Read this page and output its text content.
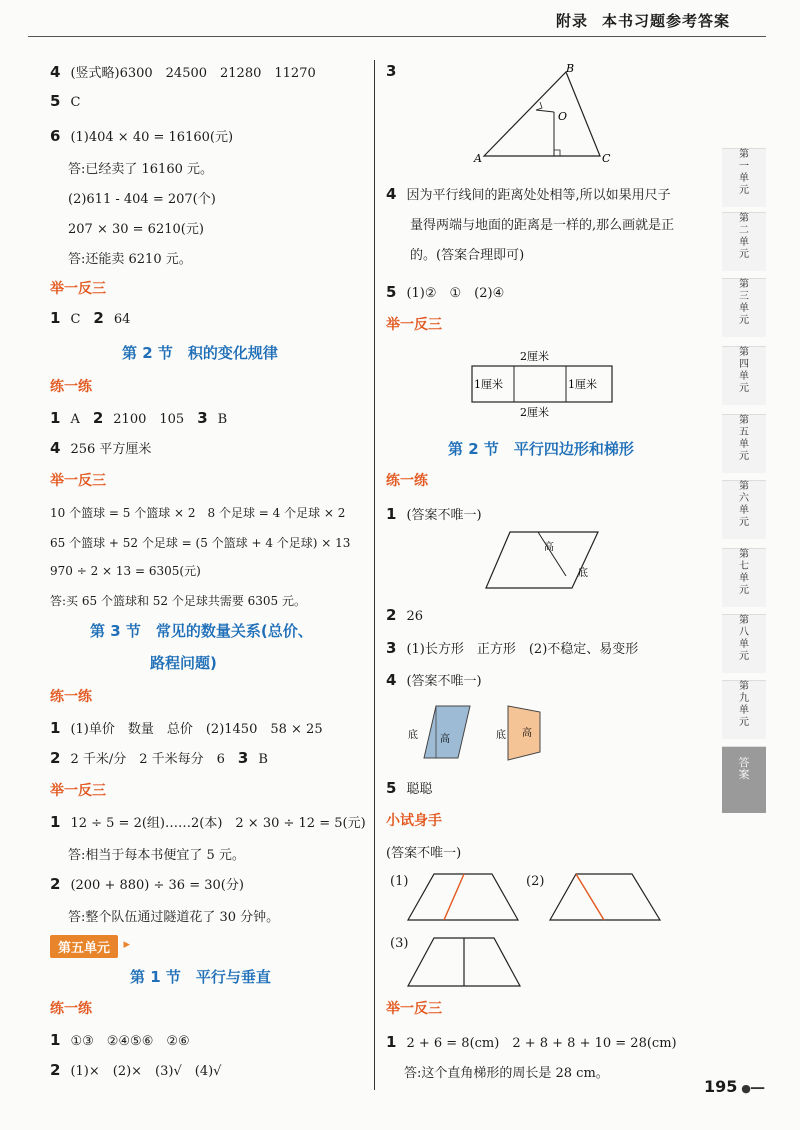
附录 本书习题参考答案
4 (竖式略)6300　24500　21280　11270
5 C
6 (1)404 × 40 = 16160(元)
答:已经卖了 16160 元。
(2)611 - 404 = 207(个)
207 × 30 = 6210(元)
答:还能卖 6210 元。
举一反三
1 C　 2 64
第 2 节　积的变化规律
练一练
1 A　 2 2100　105　 3 B
4 256 平方厘米
举一反三
10 个篮球 = 5 个篮球 × 2　8 个足球 = 4 个足球 × 2
65 个篮球 + 52 个足球 = (5 个篮球 + 4 个足球) × 13
970 ÷ 2 × 13 = 6305(元)
答:买 65 个篮球和 52 个足球共需要 6305 元。
第 3 节　常见的数量关系(总价、
路程问题)
练一练
1 (1)单价　数量　总价　(2)1450　58 × 25
2 2 千米/分　2 千米每分　6　 3 B
举一反三
1 12 ÷ 5 = 2(组)……2(本)　2 × 30 ÷ 12 = 5(元)
答:相当于每本书便宜了 5 元。
2 (200 + 880) ÷ 36 = 30(分)
答:整个队伍通过隧道花了 30 分钟。
第五单元 ▸
第 1 节　平行与垂直
练一练
1 ①③　②④⑤⑥　②⑥
2 (1)×　(2)×　(3)√　(4)√
3
A
B
C
O
4 因为平行线间的距离处处相等,所以如果用尺子
量得两端与地面的距离是一样的,那么画就是正
的。(答案合理即可)
5 (1)②　①　(2)④
举一反三
2厘米
1厘米	1厘米
2厘米
第 2 节　平行四边形和梯形
练一练
1 (答案不唯一)
高
底
2 26
3 (1)长方形　正方形　(2)不稳定、易变形
4 (答案不唯一)
底 高	底 高
5 聪聪
小试身手
(答案不唯一)
(1)	(2)
(3)
举一反三
1 2 + 6 = 8(cm)　2 + 8 + 8 + 10 = 28(cm)
答:这个直角梯形的周长是 28 cm。
第
一
单
元
第
二
单
元
第
三
单
元
第
四
单
元
第
五
单
元
第
六
单
元
第
七
单
元
第
八
单
元
第
九
单
元
答
案
195 ●━━
